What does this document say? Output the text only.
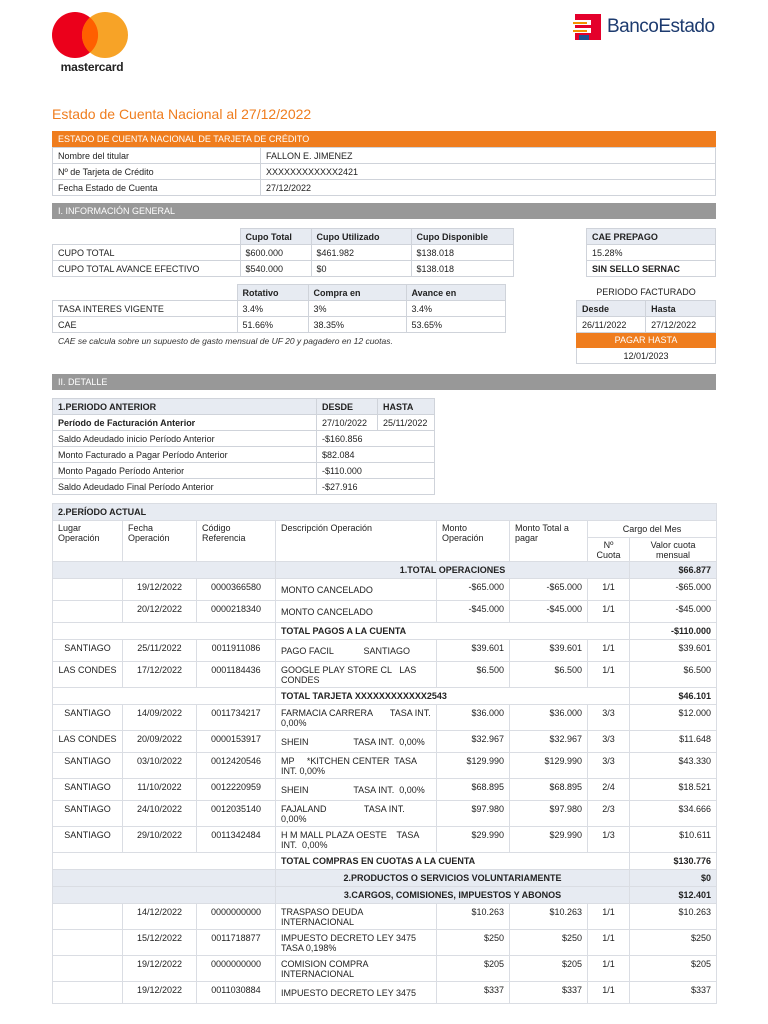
mastercard
BancoEstado
Estado de Cuenta Nacional al 27/12/2022
ESTADO DE CUENTA NACIONAL DE TARJETA DE CRÉDITO
Nombre del titular	FALLON E. JIMENEZ
Nº de Tarjeta de Crédito	XXXXXXXXXXXX2421
Fecha Estado de Cuenta	27/12/2022
I. INFORMACIÓN GENERAL
	Cupo Total	Cupo Utilizado	Cupo Disponible
CUPO TOTAL	$600.000	$461.982	$138.018
CUPO TOTAL AVANCE EFECTIVO	$540.000	$0	$138.018
	Rotativo	Compra en	Avance en
TASA INTERES VIGENTE	3.4%	3%	3.4%
CAE	51.66%	38.35%	53.65%
CAE se calcula sobre un supuesto de gasto mensual de UF 20 y pagadero en 12 cuotas.
CAE PREPAGO
15.28%
SIN SELLO SERNAC
PERIODO FACTURADO
Desde	Hasta
26/11/2022	27/12/2022
PAGAR HASTA	
12/01/2023	
II. DETALLE
1.PERIODO ANTERIOR	DESDE	HASTA
Período de Facturación Anterior	27/10/2022	25/11/2022
Saldo Adeudado inicio Período Anterior	-$160.856	
Monto Facturado a Pagar Período Anterior	$82.084	
Monto Pagado Período Anterior	-$110.000	
Saldo Adeudado Final Período Anterior	-$27.916	
2.PERÍODO ACTUAL							
Lugar Operación	Fecha Operación	Código Referencia	Descripción Operación	Monto Operación	Monto Total a pagar	Cargo del Mes	
						Nº Cuota	Valor cuota mensual
			1.TOTAL OPERACIONES				$66.877
	19/12/2022	0000366580	MONTO CANCELADO	-$65.000	-$65.000	1/1	-$65.000
	20/12/2022	0000218340	MONTO CANCELADO	-$45.000	-$45.000	1/1	-$45.000
			TOTAL PAGOS A LA CUENTA				-$110.000
SANTIAGO	25/11/2022	0011911086	PAGO FACIL            SANTIAGO	$39.601	$39.601	1/1	$39.601
LAS CONDES	17/12/2022	0001184436	GOOGLE PLAY STORE CL   LAS CONDES	$6.500	$6.500	1/1	$6.500
			TOTAL TARJETA XXXXXXXXXXXX2543				$46.101
SANTIAGO	14/09/2022	0011734217	FARMACIA CARRERA       TASA INT. 0,00%	$36.000	$36.000	3/3	$12.000
LAS CONDES	20/09/2022	0000153917	SHEIN                  TASA INT.  0,00%	$32.967	$32.967	3/3	$11.648
SANTIAGO	03/10/2022	0012420546	MP     *KITCHEN CENTER  TASA INT. 0,00%	$129.990	$129.990	3/3	$43.330
SANTIAGO	11/10/2022	0012220959	SHEIN                  TASA INT.  0,00%	$68.895	$68.895	2/4	$18.521
SANTIAGO	24/10/2022	0012035140	FAJALAND               TASA INT.  0,00%	$97.980	$97.980	2/3	$34.666
SANTIAGO	29/10/2022	0011342484	H M MALL PLAZA OESTE    TASA INT.  0,00%	$29.990	$29.990	1/3	$10.611
			TOTAL COMPRAS EN CUOTAS A LA CUENTA				$130.776
			2.PRODUCTOS O SERVICIOS VOLUNTARIAMENTE				$0
			3.CARGOS, COMISIONES, IMPUESTOS Y ABONOS				$12.401
	14/12/2022	0000000000	TRASPASO DEUDA INTERNACIONAL	$10.263	$10.263	1/1	$10.263
	15/12/2022	0011718877	IMPUESTO DECRETO LEY 3475 TASA 0,198%	$250	$250	1/1	$250
	19/12/2022	0000000000	COMISION COMPRA INTERNACIONAL	$205	$205	1/1	$205
	19/12/2022	0011030884	IMPUESTO DECRETO LEY 3475	$337	$337	1/1	$337
